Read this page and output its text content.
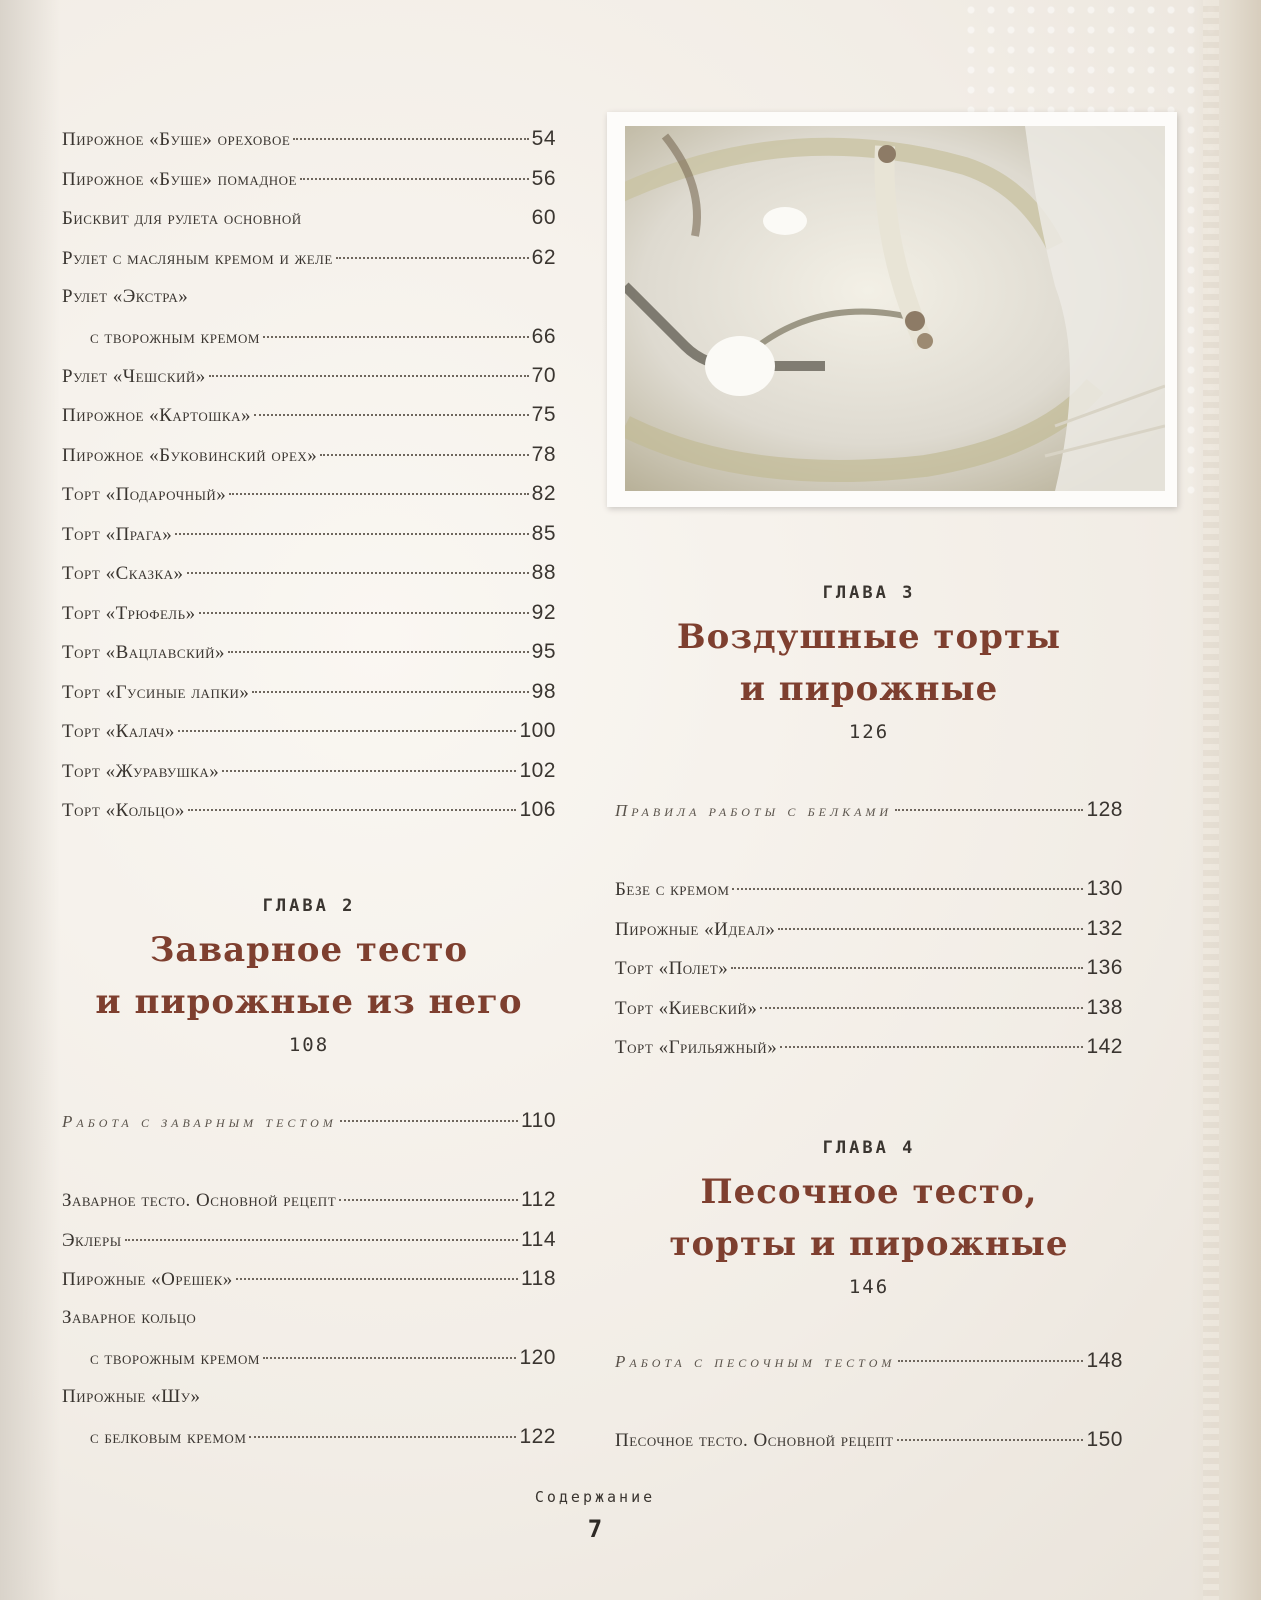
Пирожное «Буше» ореховое	54
Пирожное «Буше» помадное	56
Бисквит для рулета основной	60
Рулет с масляным кремом и желе	62
Рулет «Экстра»
с творожным кремом	66
Рулет «Чешский»	70
Пирожное «Картошка»	75
Пирожное «Буковинский орех»	78
Торт «Подарочный»	82
Торт «Прага»	85
Торт «Сказка»	88
Торт «Трюфель»	92
Торт «Вацлавский»	95
Торт «Гусиные лапки»	98
Торт «Калач»	100
Торт «Журавушка»	102
Торт «Кольцо»	106
ГЛАВА 2
Заварное тесто
и пирожные из него
108
Работа с заварным тестом	110
Заварное тесто. Основной рецепт	112
Эклеры	114
Пирожные «Орешек»	118
Заварное кольцо
с творожным кремом	120
Пирожные «Шу»
с белковым кремом	122
ГЛАВА 3
Воздушные торты
и пирожные
126
Правила работы с белками	128
Безе с кремом	130
Пирожные «Идеал»	132
Торт «Полет»	136
Торт «Киевский»	138
Торт «Грильяжный»	142
ГЛАВА 4
Песочное тесто,
торты и пирожные
146
Работа с песочным тестом	148
Песочное тесто. Основной рецепт	150
Содержание
7
